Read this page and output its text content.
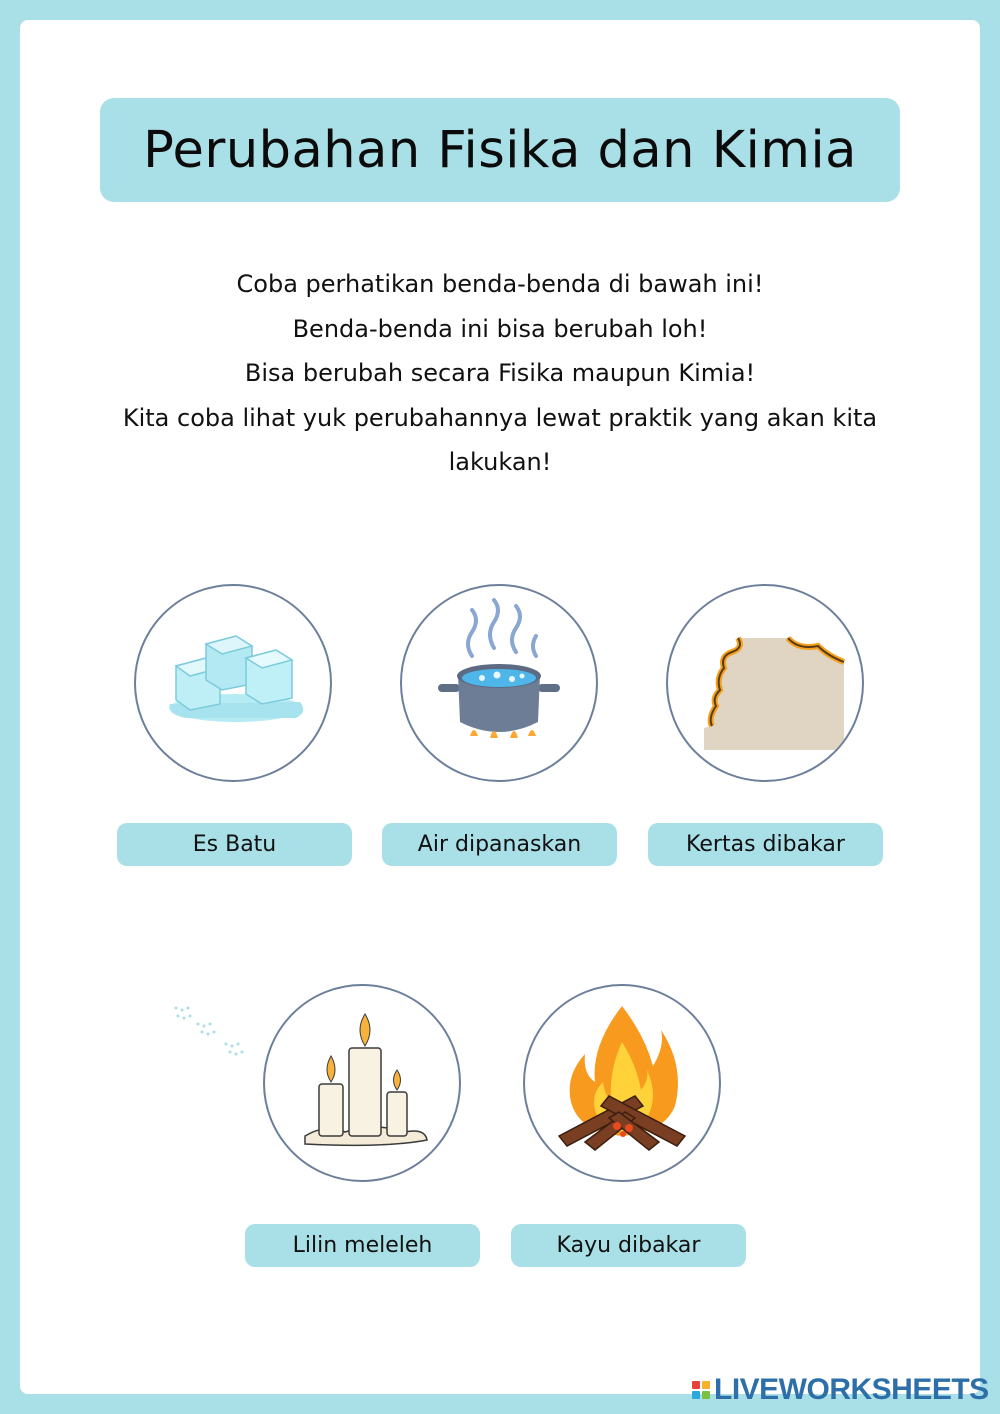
Perubahan Fisika dan Kimia

Coba perhatikan benda-benda di bawah ini!

Benda-benda ini bisa berubah loh!

Bisa berubah secara Fisika maupun Kimia!

Kita coba lihat yuk perubahannya lewat praktik yang akan kita lakukan!

Es Batu	Air dipanaskan	Kertas dibakar
Lilin meleleh	Kayu dibakar
LIVEWORKSHEETS
